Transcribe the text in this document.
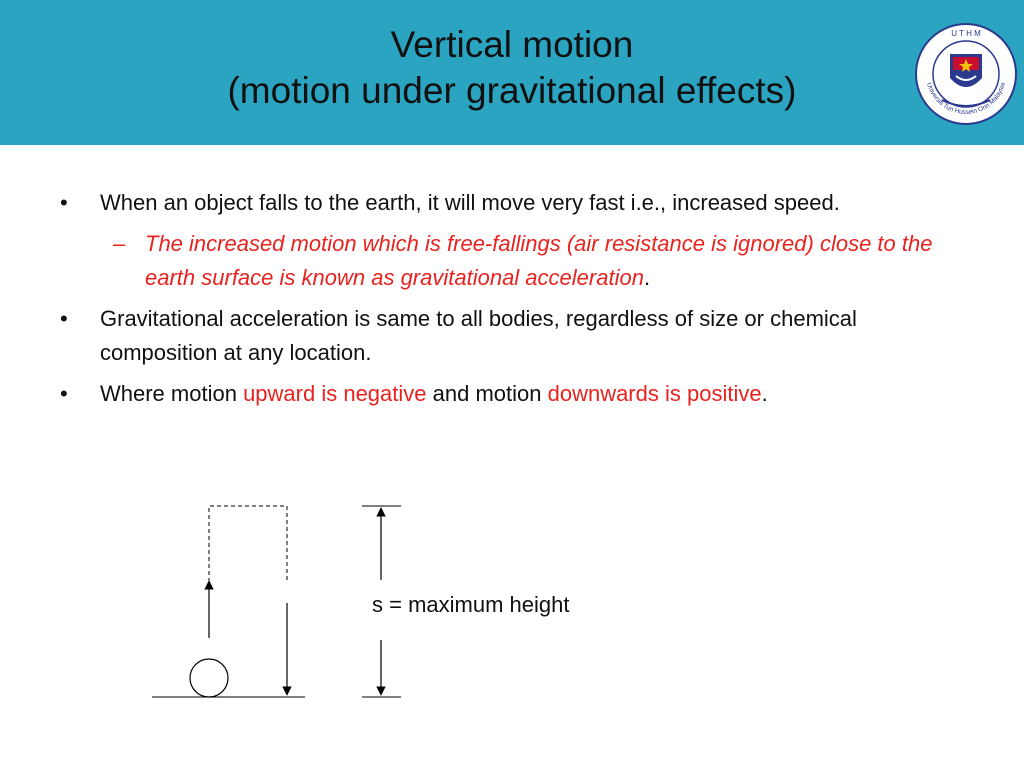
Vertical motion
(motion under gravitational effects)
U T H M
Universiti Tun Hussein Onn Malaysia
•	When an object falls to the earth, it will move very fast i.e., increased speed.
– The increased motion which is free-fallings (air resistance is ignored) close to the earth surface is known as gravitational acceleration.
•	Gravitational acceleration is same to all bodies, regardless of size or chemical composition at any location.
•	Where motion upward is negative and motion downwards is positive.
s = maximum height
